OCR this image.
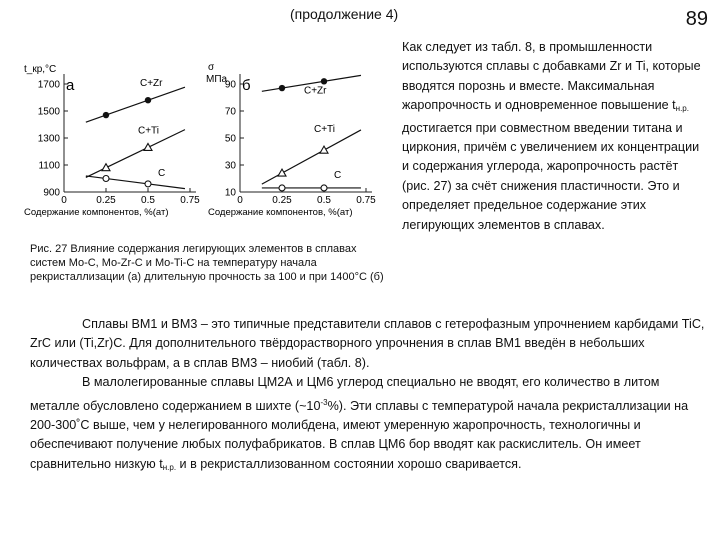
(продолжение 4)	89
t_кр,°C
а
Содержание компонентов, %(ат)
σ
МПа б
Содержание компонентов, %(ат)
1700
1500
1300
1100
900
0	0.25	0.5	0.75
C+Zr
C+Ti
C
90
70
50
30
10
0	0.25	0.5	0.75
C+Zr
C+Ti
C
Рис. 27 Влияние содержания легирующих элементов в сплавах систем Mo-C, Mo-Zr-C и Mo-Ti-C на температуру начала рекристаллизации (а) длительную прочность за 100 и при 1400°С (б)
Как следует из табл. 8, в промышленности используются сплавы с добавками Zr и Ti, которые вводятся порознь и вместе. Максимальная жаропрочность и одновременное повышение $t_{н.р.}$ достигается при совместном введении титана и циркония, причём с увеличением их концентрации и содержания углерода, жаропрочность растёт (рис. 27) за счёт снижения пластичности. Это и определяет предельное содержание этих легирующих элементов в сплавах.
Сплавы ВМ1 и ВМ3 – это типичные представители сплавов с гетерофазным упрочнением карбидами TiC, ZrC или (Ti,Zr)C. Для дополнительного твёрдорастворного упрочнения в сплав ВМ1 введён в небольших количествах вольфрам, а в сплав ВМ3 – ниобий (табл. 8).
В малолегированные сплавы ЦМ2А и ЦМ6 углерод специально не вводят, его количество в литом металле обусловлено содержанием в шихте $(\sim 10^{-3}\%)$. Эти сплавы с температурой начала рекристаллизации на 200-300˚С выше, чем у нелегированного молибдена, имеют умеренную жаропрочность, технологичны и обеспечивают получение любых полуфабрикатов. В сплав ЦМ6 бор вводят как раскислитель. Он имеет сравнительно низкую $t_{н.р.}$ и в рекристаллизованном состоянии хорошо сваривается.
